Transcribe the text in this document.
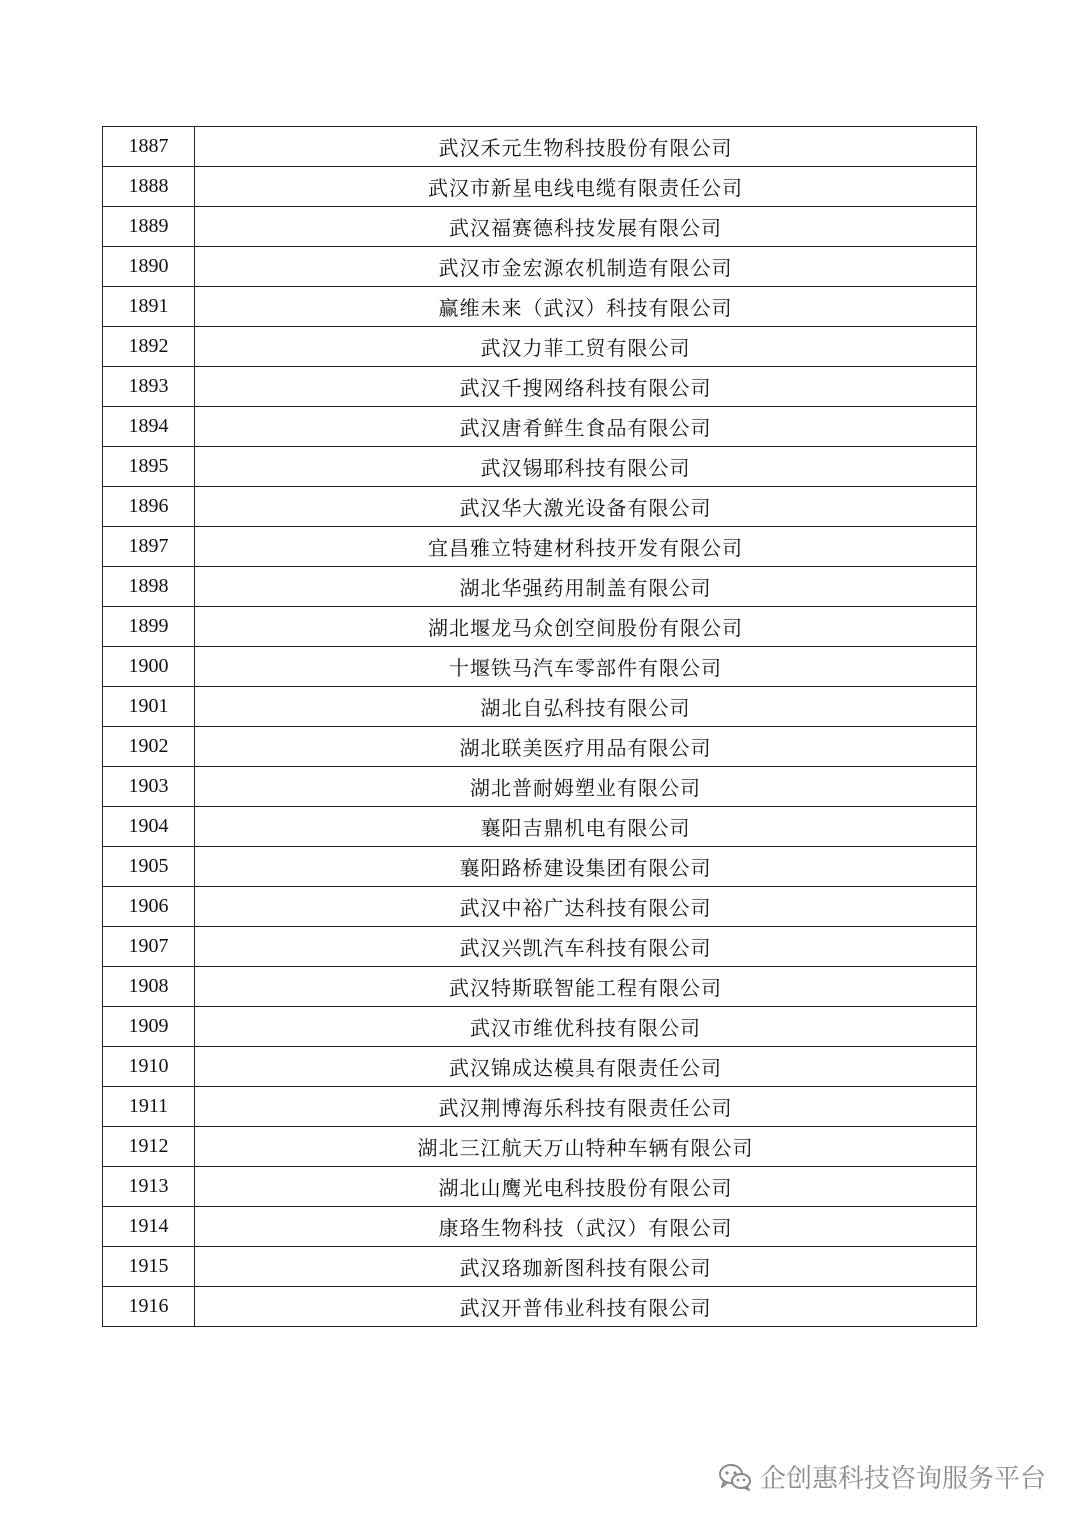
1887	武汉禾元生物科技股份有限公司
1888	武汉市新星电线电缆有限责任公司
1889	武汉福赛德科技发展有限公司
1890	武汉市金宏源农机制造有限公司
1891	赢维未来（武汉）科技有限公司
1892	武汉力菲工贸有限公司
1893	武汉千搜网络科技有限公司
1894	武汉唐肴鲜生食品有限公司
1895	武汉锡耶科技有限公司
1896	武汉华大激光设备有限公司
1897	宜昌雅立特建材科技开发有限公司
1898	湖北华强药用制盖有限公司
1899	湖北堰龙马众创空间股份有限公司
1900	十堰铁马汽车零部件有限公司
1901	湖北自弘科技有限公司
1902	湖北联美医疗用品有限公司
1903	湖北普耐姆塑业有限公司
1904	襄阳吉鼎机电有限公司
1905	襄阳路桥建设集团有限公司
1906	武汉中裕广达科技有限公司
1907	武汉兴凯汽车科技有限公司
1908	武汉特斯联智能工程有限公司
1909	武汉市维优科技有限公司
1910	武汉锦成达模具有限责任公司
1911	武汉荆博海乐科技有限责任公司
1912	湖北三江航天万山特种车辆有限公司
1913	湖北山鹰光电科技股份有限公司
1914	康珞生物科技（武汉）有限公司
1915	武汉珞珈新图科技有限公司
1916	武汉开普伟业科技有限公司
企创惠科技咨询服务平台
